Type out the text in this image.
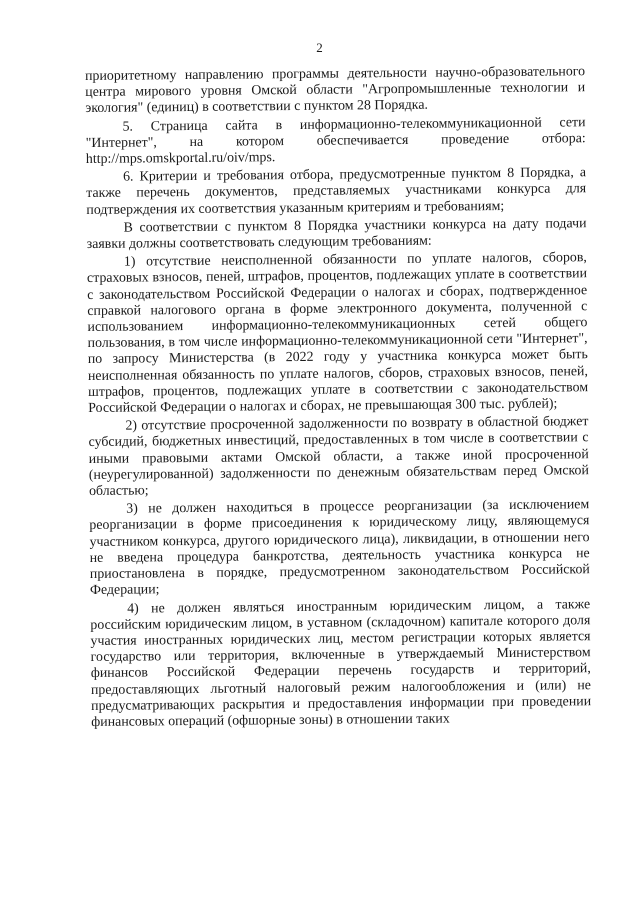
2

приоритетному направлению программы деятельности научно-образовательного центра мирового уровня Омской области "Агропромышленные технологии и экология" (единиц) в соответствии с пунктом 28 Порядка.

5. Страница сайта в информационно-телекоммуникационной сети "Интернет", на котором обеспечивается проведение отбора: http://mps.omskportal.ru/oiv/mps.

6. Критерии и требования отбора, предусмотренные пунктом 8 Порядка, а также перечень документов, представляемых участниками конкурса для подтверждения их соответствия указанным критериям и требованиям;

В соответствии с пунктом 8 Порядка участники конкурса на дату подачи заявки должны соответствовать следующим требованиям:

1) отсутствие неисполненной обязанности по уплате налогов, сборов, страховых взносов, пеней, штрафов, процентов, подлежащих уплате в соответствии с законодательством Российской Федерации о налогах и сборах, подтвержденное справкой налогового органа в форме электронного документа, полученной с использованием информационно-телекоммуникационных сетей общего пользования, в том числе информационно-телекоммуникационной сети "Интернет", по запросу Министерства (в 2022 году у участника конкурса может быть неисполненная обязанность по уплате налогов, сборов, страховых взносов, пеней, штрафов, процентов, подлежащих уплате в соответствии с законодательством Российской Федерации о налогах и сборах, не превышающая 300 тыс. рублей);

2) отсутствие просроченной задолженности по возврату в областной бюджет субсидий, бюджетных инвестиций, предоставленных в том числе в соответствии с иными правовыми актами Омской области, а также иной просроченной (неурегулированной) задолженности по денежным обязательствам перед Омской областью;

3) не должен находиться в процессе реорганизации (за исключением реорганизации в форме присоединения к юридическому лицу, являющемуся участником конкурса, другого юридического лица), ликвидации, в отношении него не введена процедура банкротства, деятельность участника конкурса не приостановлена в порядке, предусмотренном законодательством Российской Федерации;

4) не должен являться иностранным юридическим лицом, а также российским юридическим лицом, в уставном (складочном) капитале которого доля участия иностранных юридических лиц, местом регистрации которых является государство или территория, включенные в утверждаемый Министерством финансов Российской Федерации перечень государств и территорий, предоставляющих льготный налоговый режим налогообложения и (или) не предусматривающих раскрытия и предоставления информации при проведении финансовых операций (офшорные зоны) в отношении таких
